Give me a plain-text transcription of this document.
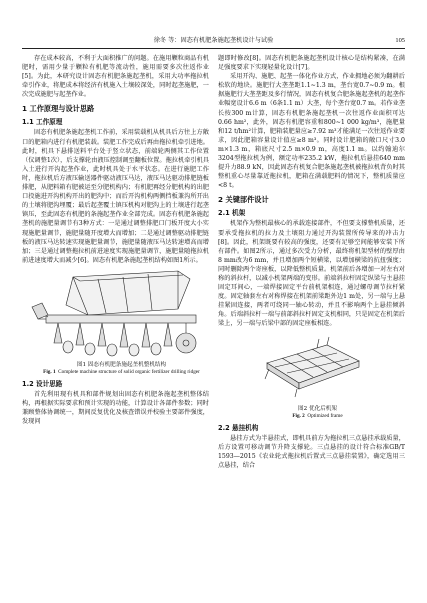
徐冬 等：固态有机肥条施起垄机设计与试验	105

存在成本较高，不利于大面积推广的问题。在施用颗粒商品有机肥时，需用少量于颗粒有机肥等流动性，施用需要多次往返作业[5]。为此，本研究设计固态有机肥条施起垄机，采用大功率拖拉机牵引作业，将肥成本将经济有机施入土壤较深处，同时起垄施肥，一次完成施肥与起垄作业。

1 工作原理与设计思路
1.1 工作原理

固态有机肥条施起垄机工作前，采用装载机从机具后方往上方敞口的肥箱内进行有机肥装载。装肥工作完成后再由拖拉机牵引进地。此时，机具下悬排送料平台处于竖立状态，前端轮两侧其工作位置（仪调整1次），后支撑轮由液压控制调至翻板位置。拖拉机牵引机具入土进行开沟起垄作业，此时机具处于水平状态。在进行施肥工作时，拖拉机后方液压输送器件驱动液压马达，液压马达驱动排肥链板排肥，从肥料箱有肥被运至分肥机构内；有机肥再经分肥机构的出肥口投施进开沟机构开出的肥沟中；而后开沟机构两侧挡板兼沟所开出的土壤将肥沟埋覆；最后起垄覆土镇压机构对肥沟上的土壤进行起垄镇压，至此固态有机肥的条施起垄作业全部完成。固态有机肥条施起垄机的施肥量调节有3种方式：一是通过调整排肥口门板开度大小实现施肥量调节，施肥量随开度增大而增加；二是通过调整驱动排肥链板的液压马达转速实现施肥量调节，施肥量随液压马达转速增高而增加；三是通过调整拖拉机前进速度实现施肥量调节，施肥量随拖拉机前进速度增大而减少[6]。固态有机肥条施起垄机结构如图1所示。

图1 固态有机肥条施起垄机整机结构

Fig. 1 Complete machine structure of solid organic fertilizer drilling ridger

1.2 设计思路

首先利用现有机具和部件规划出固态有机肥条施起垄机整体结构，再根据实际要求和预计实现的功能，计算设计各部件参数；同时兼顾整体协调统一，期间反复优化及核查错误并校验主要部件强度，发现问

题即时修改[8]。固态有机肥条施起垄机设计核心是结构紧凑，在满足强度要求下实现轻量化设计[7]。

采用开沟、施肥、起垄一体化作业方式，作业拥地必须为翻耕后松软的地块。施肥行大垄垄距1.1~1.3 m，垄台宽0.7~0.9 m。根据施肥行大垄垄距及多行情况，固态有机复合肥条施起垄机的起垄作业幅宽设计6.6 m（6条1.1 m）大垄，每个垄台宽0.7 m。若作业垄长按300 m计算，固态有机肥条施起垄机一次往返作业面积可达0.66 hm²，此外，固态有机肥容重和800~1 000 kg/m³，施肥量和12 t/hm²计算，肥箱装肥量应≥7.92 m³才能满足一次往返作业要求，因此肥箱容量设计值应≥8 m³。同时设计肥箱的敞口尺寸3.0 m×1.3 m，箱底尺寸2.5 m×0.9 m，高度1.1 m。以约翰迪尔3204型拖拉机为例，额定功率235.2 kW，拖拉机后悬挂640 mm提升力88.9 kN，因此固态有机复合肥条施起垄机被拖拉机背负时其整机重心尽量靠近拖拉机，肥箱在满载肥料的情况下，整机质量应<8 t。

2 关键部件设计
2.1 机架

机架作为整机最核心的承载连接部件，不但要支撑整机质量，还要承受拖拉机的拉力及土壤阻力通过开沟装置所传导来的冲击力[8]。因此，机架既要有较高的强度，还要有足够空间能够安装下所有部件。如图2所示，通过多次受力分析，最终将机架型材的壁厚由8 mm改为6 mm，并且增加两个短横梁，以增加横梁的抗扭强度；同时删除两个寄座板，以降低整机质量。机架前后各增加一对左右对称的斜拉杆，以减小机架两端的变形。前端斜拉杆固定纵梁与主悬挂固定耳间心，一端焊接固定平台前机架相连，通过螺母调节拉杆紧度。固定轴套左右对称焊接在机架前梁距外边1 m处，另一端与上悬挂紧固连接，两者可绕同一轴心转动，并且不影响两个上悬挂倾斜角。后端斜拉杆一端与前部斜拉杆固定支机相同，只是固定在机架后梁上，另一端与后梁中部的固定座板相连。

图2 优化后机架

Fig. 2 Optimized frame

2.2 悬挂机构

悬挂方式为半悬挂式，即机具前方为拖拉机三点悬挂承载质量，后方设置可移动调节升降支撑轮。三点悬挂的设计符合标准GB/T 1593—2015《农业轮式拖拉机后置式三点悬挂装置》，确定选用三点悬挂，结合
